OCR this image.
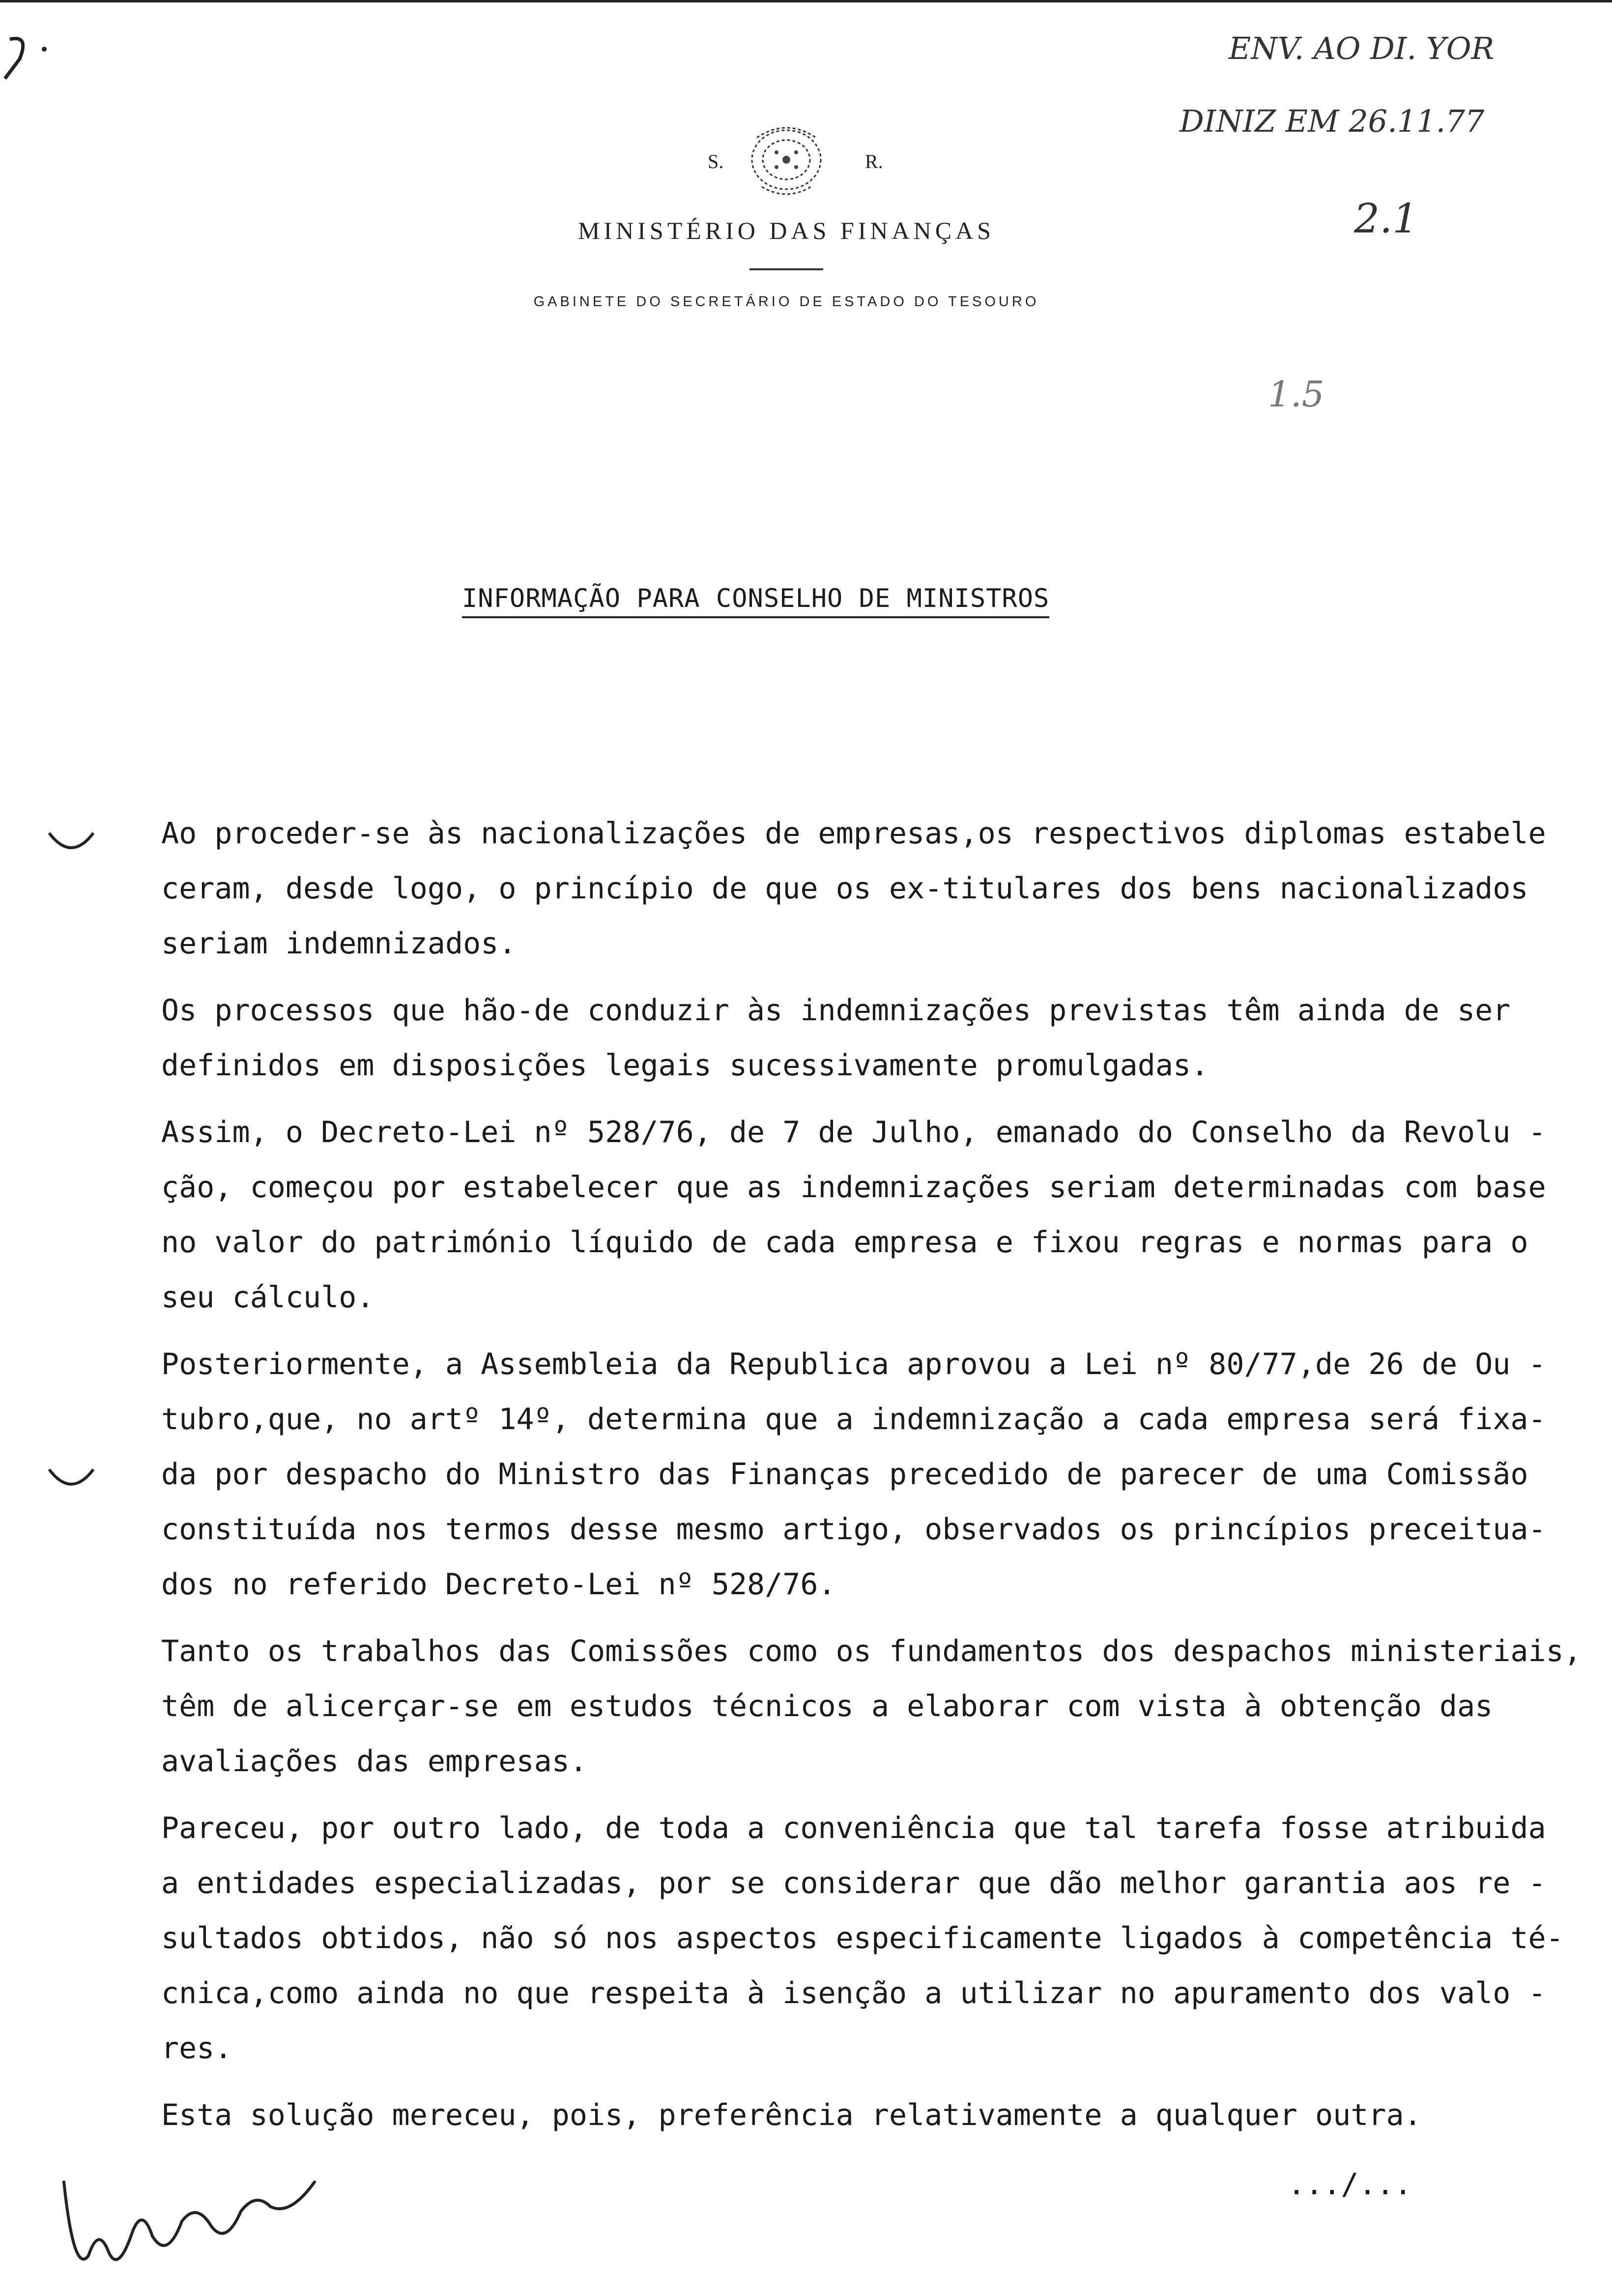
S.	R.
MINISTÉRIO DAS FINANÇAS
GABINETE DO SECRETÁRIO DE ESTADO DO TESOURO
ENV. AO DI. YOR
DINIZ EM 26.11.77
2.1
1.5
INFORMAÇÃO PARA CONSELHO DE MINISTROS
Ao proceder-se às nacionalizações de empresas,os respectivos diplomas estabele
ceram, desde logo, o princípio de que os ex-titulares dos bens nacionalizados
seriam indemnizados.
Os processos que hão-de conduzir às indemnizações previstas têm ainda de ser
definidos em disposições legais sucessivamente promulgadas.
Assim, o Decreto-Lei nº 528/76, de 7 de Julho, emanado do Conselho da Revolu -
ção, começou por estabelecer que as indemnizações seriam determinadas com base
no valor do património líquido de cada empresa e fixou regras e normas para o
seu cálculo.
Posteriormente, a Assembleia da Republica aprovou a Lei nº 80/77,de 26 de Ou -
tubro,que, no artº 14º, determina que a indemnização a cada empresa será fixa-
da por despacho do Ministro das Finanças precedido de parecer de uma Comissão
constituída nos termos desse mesmo artigo, observados os princípios preceitua-
dos no referido Decreto-Lei nº 528/76.
Tanto os trabalhos das Comissões como os fundamentos dos despachos ministeriais,
têm de alicerçar-se em estudos técnicos a elaborar com vista à obtenção das
avaliações das empresas.
Pareceu, por outro lado, de toda a conveniência que tal tarefa fosse atribuida
a entidades especializadas, por se considerar que dão melhor garantia aos re -
sultados obtidos, não só nos aspectos especificamente ligados à competência té-
cnica,como ainda no que respeita à isenção a utilizar no apuramento dos valo -
res.
Esta solução mereceu, pois, preferência relativamente a qualquer outra.
.../...
